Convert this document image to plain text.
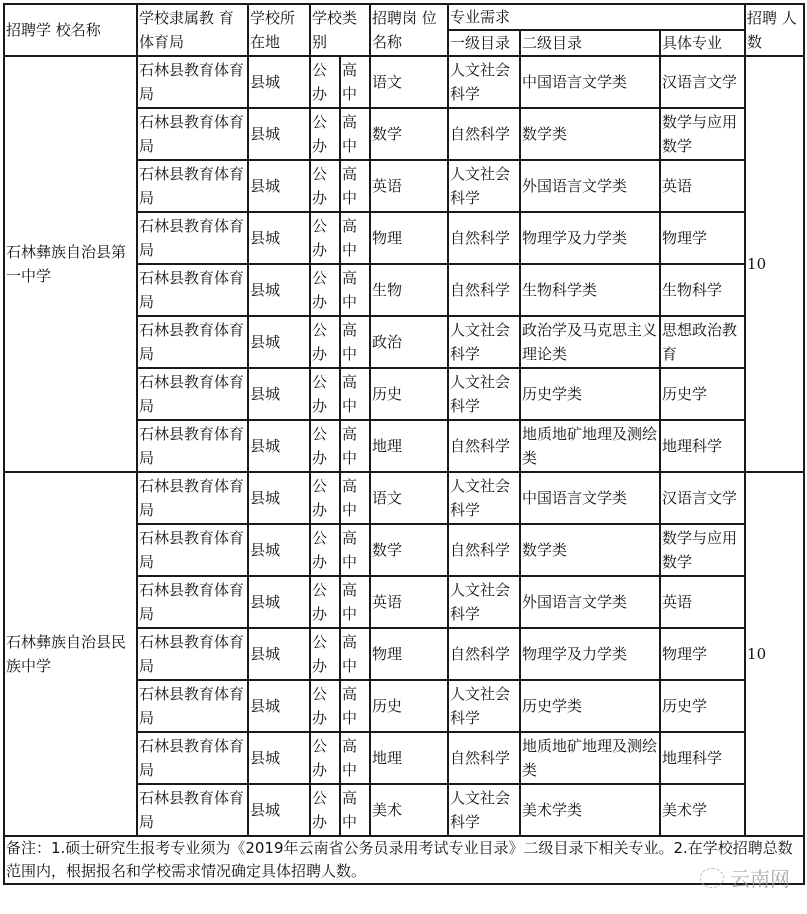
招聘学 校名称	学校隶属教 育体育局	学校所在地	学校类别		招聘岗 位名称	专业需求			招聘 人数
						一级目录	二级目录	具体专业	
石林彝族自治县第一中学	石林县教育体育局	县城	公办	高中	语文	人文社会科学	中国语言文学类	汉语言文学	10
	石林县教育体育局	县城	公办	高中	数学	自然科学	数学类	数学与应用数学	
	石林县教育体育局	县城	公办	高中	英语	人文社会科学	外国语言文学类	英语	
	石林县教育体育局	县城	公办	高中	物理	自然科学	物理学及力学类	物理学	
	石林县教育体育局	县城	公办	高中	生物	自然科学	生物科学类	生物科学	
	石林县教育体育局	县城	公办	高中	政治	人文社会科学	政治学及马克思主义理论类	思想政治教育	
	石林县教育体育局	县城	公办	高中	历史	人文社会科学	历史学类	历史学	
	石林县教育体育局	县城	公办	高中	地理	自然科学	地质地矿地理及测绘类	地理科学	
石林彝族自治县民族中学	石林县教育体育局	县城	公办	高中	语文	人文社会科学	中国语言文学类	汉语言文学	10
	石林县教育体育局	县城	公办	高中	数学	自然科学	数学类	数学与应用数学	
	石林县教育体育局	县城	公办	高中	英语	人文社会科学	外国语言文学类	英语	
	石林县教育体育局	县城	公办	高中	物理	自然科学	物理学及力学类	物理学	
	石林县教育体育局	县城	公办	高中	历史	人文社会科学	历史学类	历史学	
	石林县教育体育局	县城	公办	高中	地理	自然科学	地质地矿地理及测绘类	地理科学	
	石林县教育体育局	县城	公办	高中	美术	人文社会科学	美术学类	美术学	
备注：1.硕士研究生报考专业须为《2019年云南省公务员录用考试专业目录》二级目录下相关专业。2.在学校招聘总数范围内，根据报名和学校需求情况确定具体招聘人数。										云南网
